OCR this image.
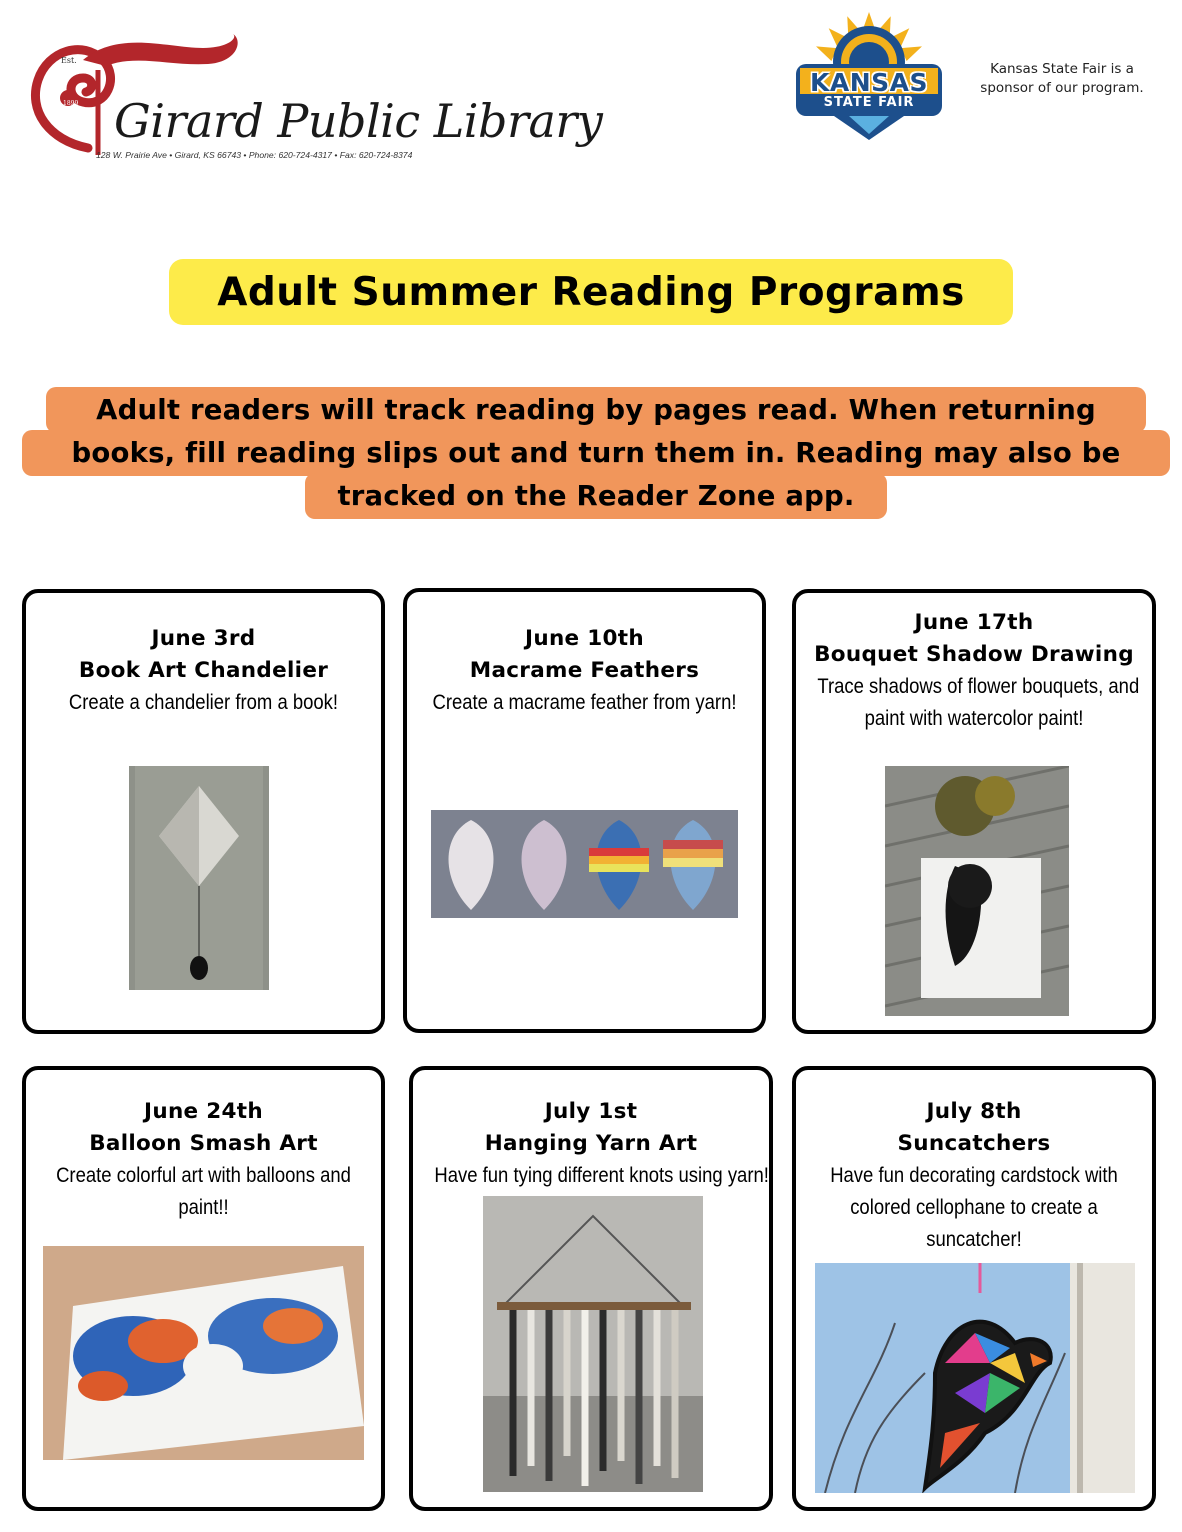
Est.
1899 Girard Public Library
128 W. Prairie Ave • Girard, KS 66743 • Phone: 620-724-4317 • Fax: 620-724-8374
KANSAS
STATE FAIR
Kansas State Fair is a
sponsor of our program.
Adult Summer Reading Programs
Adult readers will track reading by pages read. When returning
books, fill reading slips out and turn them in. Reading may also be
tracked on the Reader Zone app.
June 3rd
Book Art Chandelier
Create a chandelier from a book!
June 10th
Macrame Feathers
Create a macrame feather from yarn!
June 17th
Bouquet Shadow Drawing
Trace shadows of flower bouquets, and
paint with watercolor paint!
June 24th
Balloon Smash Art
Create colorful art with balloons and
paint!!
July 1st
Hanging Yarn Art
Have fun tying different knots using yarn!
July 8th
Suncatchers
Have fun decorating cardstock with
colored cellophane to create a
suncatcher!
